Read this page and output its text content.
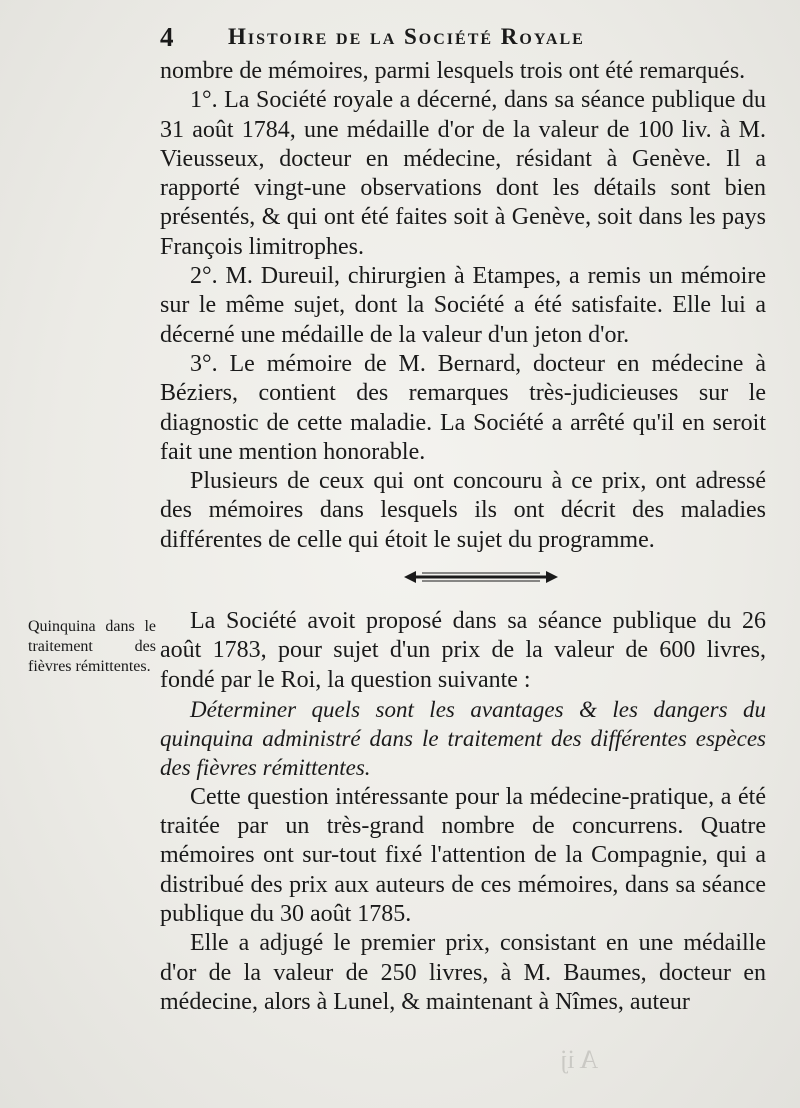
4 Histoire de la Société Royale

nombre de mémoires, parmi lesquels trois ont été remarqués.

1°. La Société royale a décerné, dans sa séance publique du 31 août 1784, une médaille d'or de la valeur de 100 liv. à M. Vieusseux, docteur en médecine, résidant à Genève. Il a rapporté vingt-une observations dont les détails sont bien présentés, & qui ont été faites soit à Genève, soit dans les pays François limitrophes.

2°. M. Dureuil, chirurgien à Etampes, a remis un mémoire sur le même sujet, dont la Société a été satisfaite. Elle lui a décerné une médaille de la valeur d'un jeton d'or.

3°. Le mémoire de M. Bernard, docteur en médecine à Béziers, contient des remarques très-judicieuses sur le diagnostic de cette maladie. La Société a arrêté qu'il en seroit fait une mention honorable.

Plusieurs de ceux qui ont concouru à ce prix, ont adressé des mémoires dans lesquels ils ont décrit des maladies différentes de celle qui étoit le sujet du programme.

Quinquina dans le traitement des fièvres rémittentes.

La Société avoit proposé dans sa séance publique du 26 août 1783, pour sujet d'un prix de la valeur de 600 livres, fondé par le Roi, la question suivante :

Déterminer quels sont les avantages & les dangers du quinquina administré dans le traitement des différentes espèces des fièvres rémittentes.

Cette question intéressante pour la médecine-pratique, a été traitée par un très-grand nombre de concurrens. Quatre mémoires ont sur-tout fixé l'attention de la Compagnie, qui a distribué des prix aux auteurs de ces mémoires, dans sa séance publique du 30 août 1785.

Elle a adjugé le premier prix, consistant en une médaille d'or de la valeur de 250 livres, à M. Baumes, docteur en médecine, alors à Lunel, & maintenant à Nîmes, auteur

A ij
